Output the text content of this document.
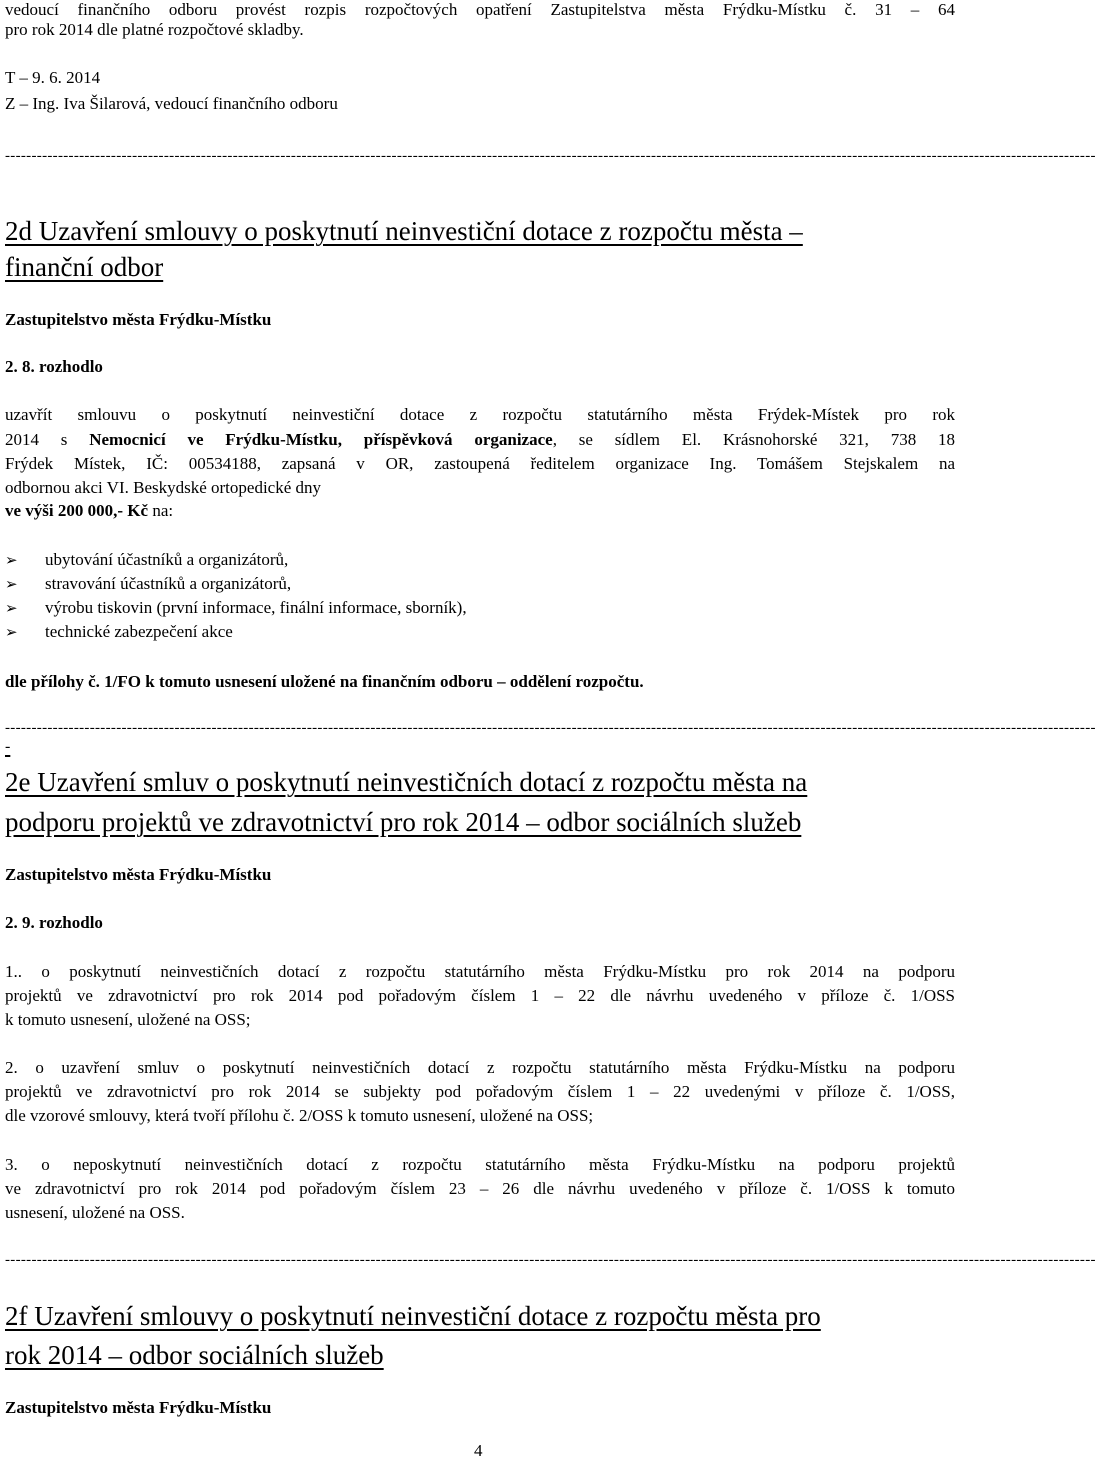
vedoucí finančního odboru provést rozpis rozpočtových opatření Zastupitelstva města Frýdku-Místku č. 31 – 64
pro rok 2014 dle platné rozpočtové skladby.
T – 9. 6. 2014
Z – Ing. Iva Šilarová, vedoucí finančního odboru
--------------------------------------------------------------------------------------------------------------------------------------------------------------------------------------------------------------
2d Uzavření smlouvy o poskytnutí neinvestiční dotace z rozpočtu města –
finanční odbor
Zastupitelstvo města Frýdku-Místku
2. 8. rozhodlo
uzavřít smlouvu o poskytnutí neinvestiční dotace z rozpočtu statutárního města Frýdek-Místek pro rok
2014 s Nemocnicí ve Frýdku-Místku, příspěvková organizace, se sídlem El. Krásnohorské 321, 738 18
Frýdek Místek, IČ: 00534188, zapsaná v OR, zastoupená ředitelem organizace Ing. Tomášem Stejskalem na
odbornou akci VI. Beskydské ortopedické dny
ve výši 200 000,- Kč na:
➢ ubytování účastníků a organizátorů,
➢ stravování účastníků a organizátorů,
➢ výrobu tiskovin (první informace, finální informace, sborník),
➢ technické zabezpečení akce
dle přílohy č. 1/FO k tomuto usnesení uložené na finančním odboru – oddělení rozpočtu.
--------------------------------------------------------------------------------------------------------------------------------------------------------------------------------------------------------------
-
2e Uzavření smluv o poskytnutí neinvestičních dotací z rozpočtu města na
podporu projektů ve zdravotnictví pro rok 2014 – odbor sociálních služeb
Zastupitelstvo města Frýdku-Místku
2. 9. rozhodlo
1.. o poskytnutí neinvestičních dotací z rozpočtu statutárního města Frýdku-Místku pro rok 2014 na podporu
projektů ve zdravotnictví pro rok 2014 pod pořadovým číslem 1 – 22 dle návrhu uvedeného v příloze č. 1/OSS
k tomuto usnesení, uložené na OSS;
2. o uzavření smluv o poskytnutí neinvestičních dotací z rozpočtu statutárního města Frýdku-Místku na podporu
projektů ve zdravotnictví pro rok 2014 se subjekty pod pořadovým číslem 1 – 22 uvedenými v příloze č. 1/OSS,
dle vzorové smlouvy, která tvoří přílohu č. 2/OSS k tomuto usnesení, uložené na OSS;
3. o neposkytnutí neinvestičních dotací z rozpočtu statutárního města Frýdku-Místku na podporu projektů
ve zdravotnictví pro rok 2014 pod pořadovým číslem 23 – 26 dle návrhu uvedeného v příloze č. 1/OSS k tomuto
usnesení, uložené na OSS.
--------------------------------------------------------------------------------------------------------------------------------------------------------------------------------------------------------------
2f Uzavření smlouvy o poskytnutí neinvestiční dotace z rozpočtu města pro
rok 2014 – odbor sociálních služeb
Zastupitelstvo města Frýdku-Místku
4
